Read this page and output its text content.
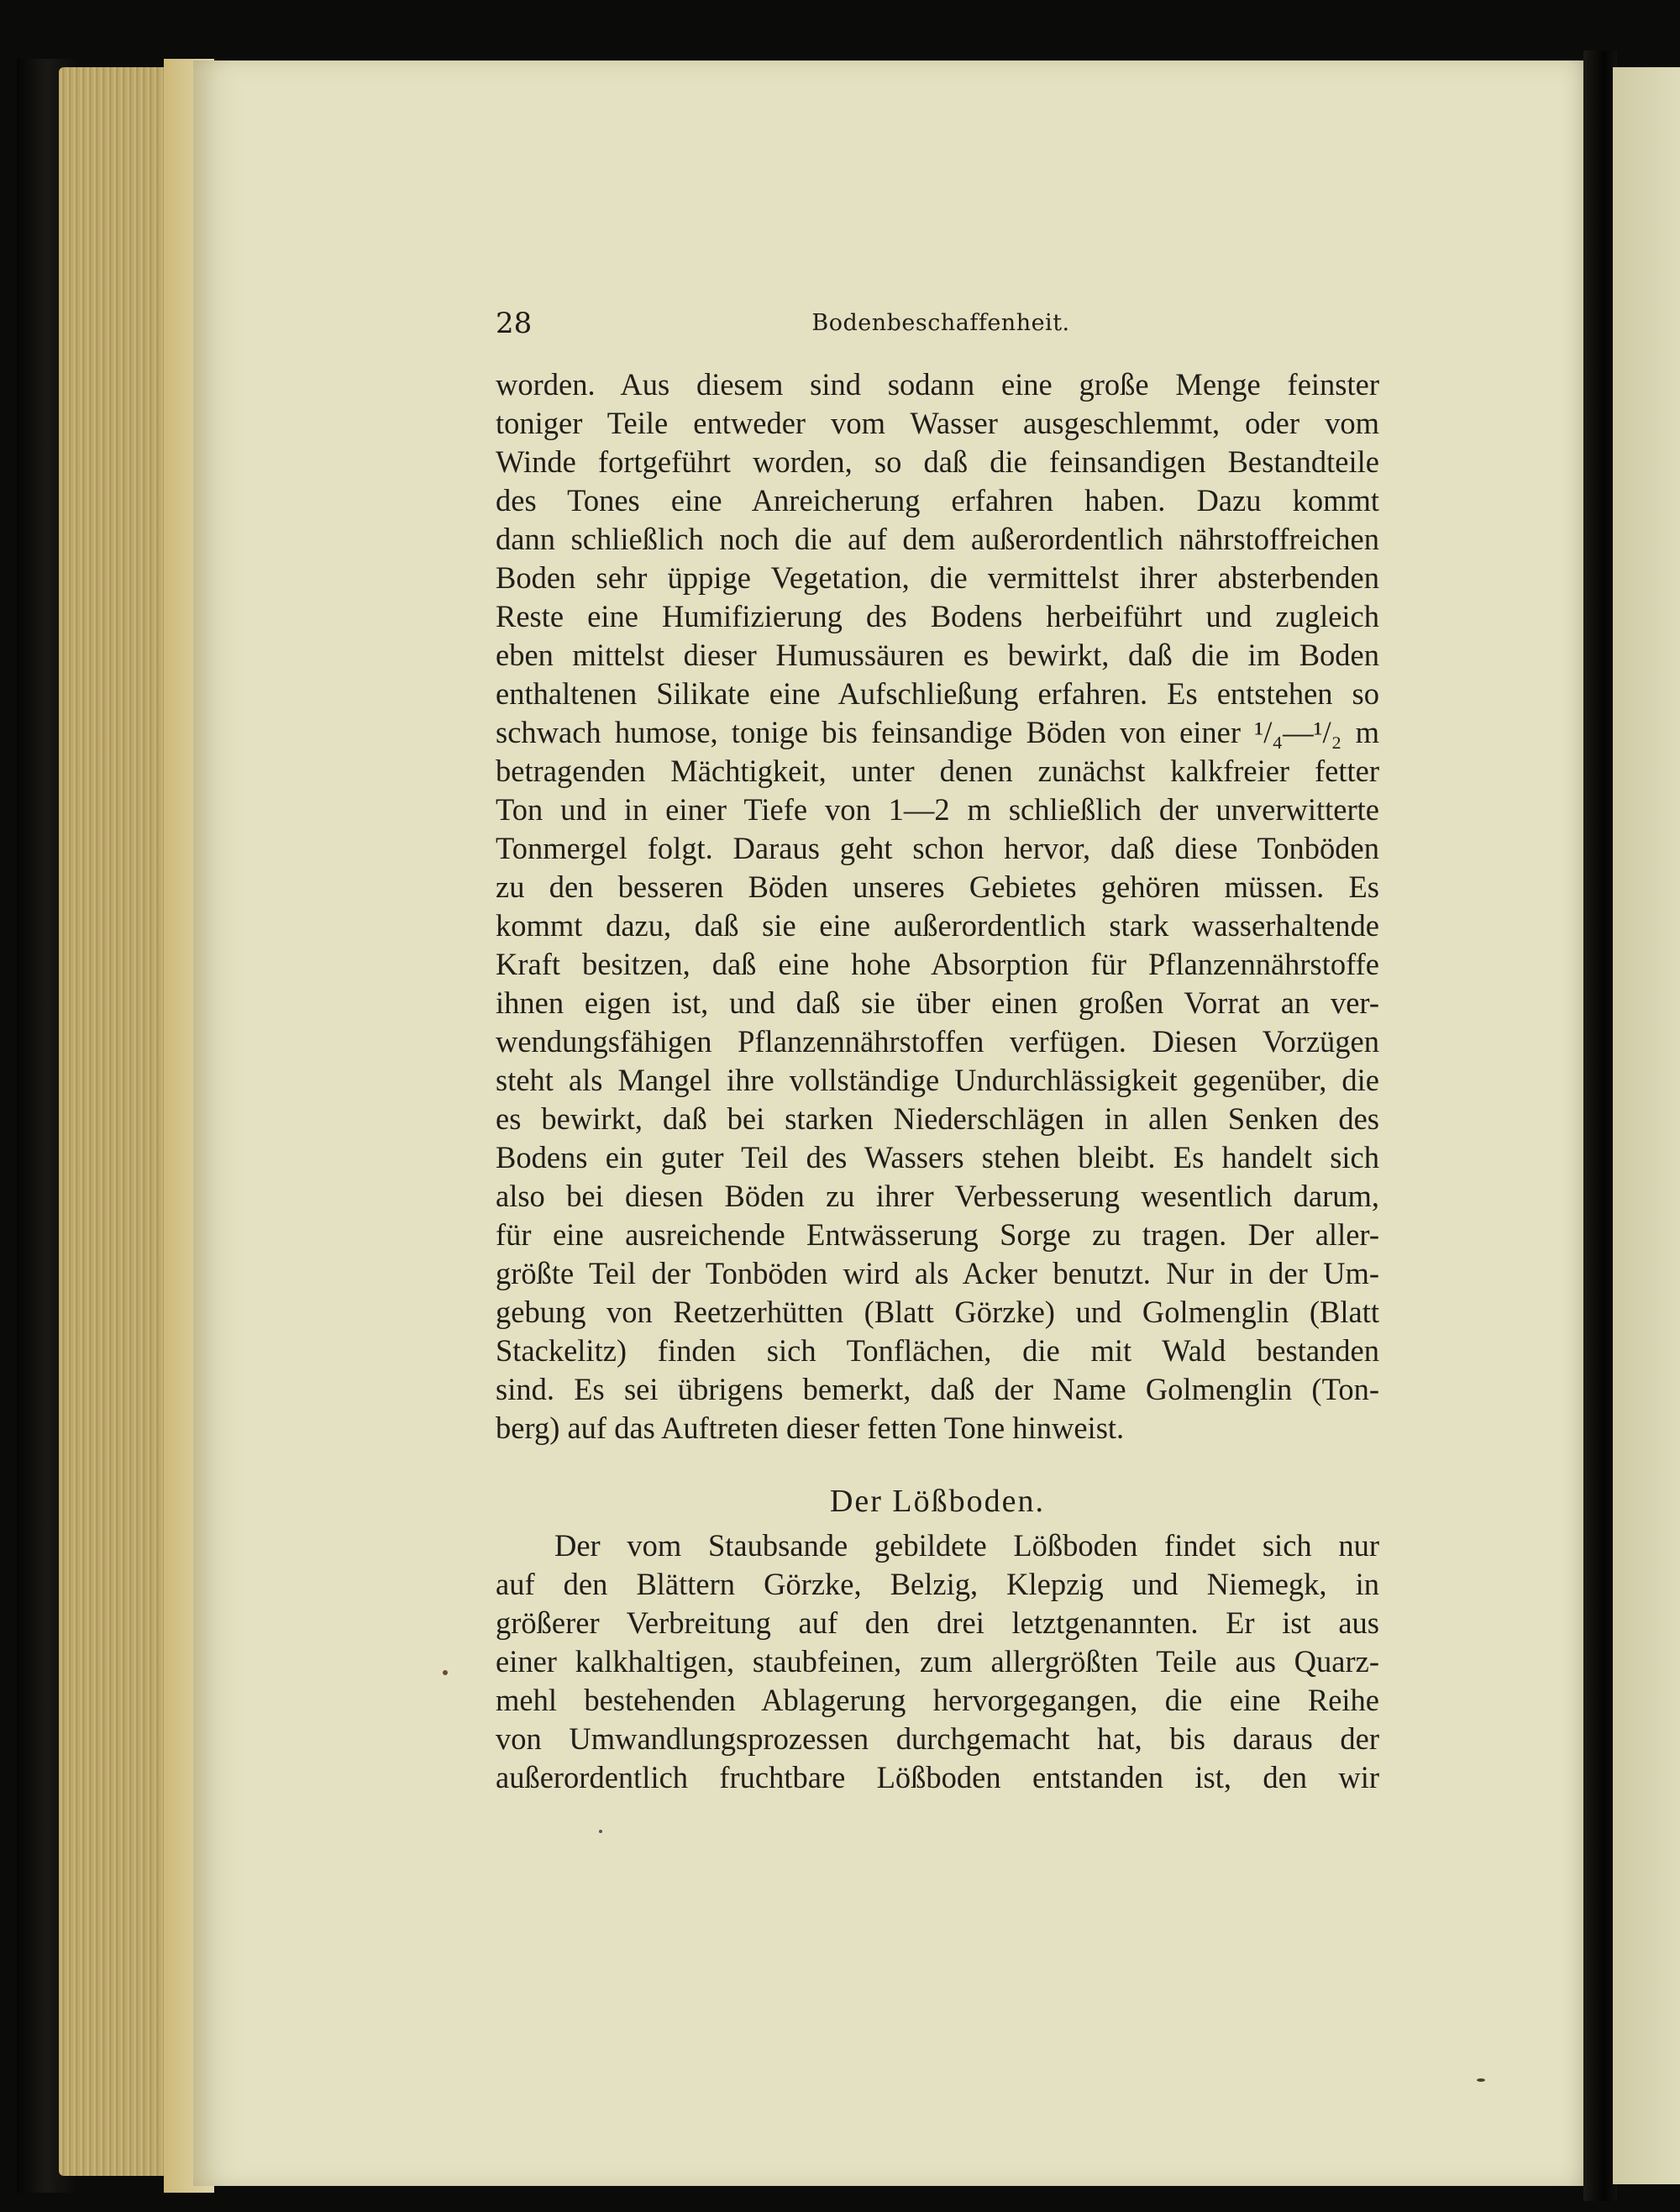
28	Bodenbeschaffenheit.
worden. Aus diesem sind sodann eine große Menge feinster
toniger Teile entweder vom Wasser ausgeschlemmt, oder vom
Winde fortgeführt worden, so daß die feinsandigen Bestandteile
des Tones eine Anreicherung erfahren haben. Dazu kommt
dann schließlich noch die auf dem außerordentlich nährstoffreichen
Boden sehr üppige Vegetation, die vermittelst ihrer absterbenden
Reste eine Humifizierung des Bodens herbeiführt und zugleich
eben mittelst dieser Humussäuren es bewirkt, daß die im Boden
enthaltenen Silikate eine Aufschließung erfahren. Es entstehen so
schwach humose, tonige bis feinsandige Böden von einer ¹/₄—¹/₂ m
betragenden Mächtigkeit, unter denen zunächst kalkfreier fetter
Ton und in einer Tiefe von 1—2 m schließlich der unverwitterte
Tonmergel folgt. Daraus geht schon hervor, daß diese Tonböden
zu den besseren Böden unseres Gebietes gehören müssen. Es
kommt dazu, daß sie eine außerordentlich stark wasserhaltende
Kraft besitzen, daß eine hohe Absorption für Pflanzennährstoffe
ihnen eigen ist, und daß sie über einen großen Vorrat an ver-
wendungsfähigen Pflanzennährstoffen verfügen. Diesen Vorzügen
steht als Mangel ihre vollständige Undurchlässigkeit gegenüber, die
es bewirkt, daß bei starken Niederschlägen in allen Senken des
Bodens ein guter Teil des Wassers stehen bleibt. Es handelt sich
also bei diesen Böden zu ihrer Verbesserung wesentlich darum,
für eine ausreichende Entwässerung Sorge zu tragen. Der aller-
größte Teil der Tonböden wird als Acker benutzt. Nur in der Um-
gebung von Reetzerhütten (Blatt Görzke) und Golmenglin (Blatt
Stackelitz) finden sich Tonflächen, die mit Wald bestanden
sind. Es sei übrigens bemerkt, daß der Name Golmenglin (Ton-
berg) auf das Auftreten dieser fetten Tone hinweist.
Der Lößboden.
Der vom Staubsande gebildete Lößboden findet sich nur
auf den Blättern Görzke, Belzig, Klepzig und Niemegk, in
größerer Verbreitung auf den drei letztgenannten. Er ist aus
einer kalkhaltigen, staubfeinen, zum allergrößten Teile aus Quarz-
mehl bestehenden Ablagerung hervorgegangen, die eine Reihe
von Umwandlungsprozessen durchgemacht hat, bis daraus der
außerordentlich fruchtbare Lößboden entstanden ist, den wir
